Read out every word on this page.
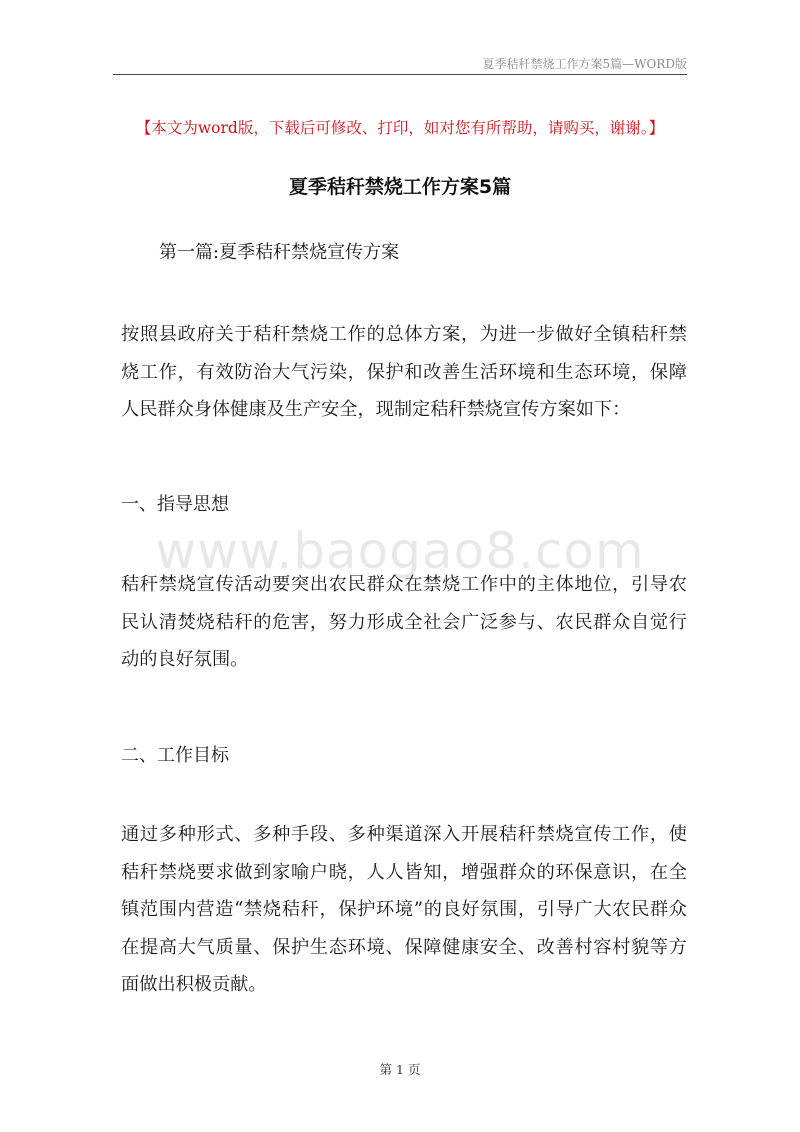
夏季秸秆禁烧工作方案5篇—WORD版
【本文为word版，下载后可修改、打印，如对您有所帮助，请购买，谢谢。】
夏季秸秆禁烧工作方案5篇
第一篇:夏季秸秆禁烧宣传方案
按照县政府关于秸秆禁烧工作的总体方案，为进一步做好全镇秸秆禁
烧工作，有效防治大气污染，保护和改善生活环境和生态环境，保障
人民群众身体健康及生产安全，现制定秸秆禁烧宣传方案如下：
一、指导思想
秸秆禁烧宣传活动要突出农民群众在禁烧工作中的主体地位，引导农
民认清焚烧秸秆的危害，努力形成全社会广泛参与、农民群众自觉行
动的良好氛围。
二、工作目标
通过多种形式、多种手段、多种渠道深入开展秸秆禁烧宣传工作，使
秸秆禁烧要求做到家喻户晓，人人皆知，增强群众的环保意识，在全
镇范围内营造“禁烧秸秆，保护环境”的良好氛围，引导广大农民群众
在提高大气质量、保护生态环境、保障健康安全、改善村容村貌等方
面做出积极贡献。
www.baogao8.com
第 1 页
